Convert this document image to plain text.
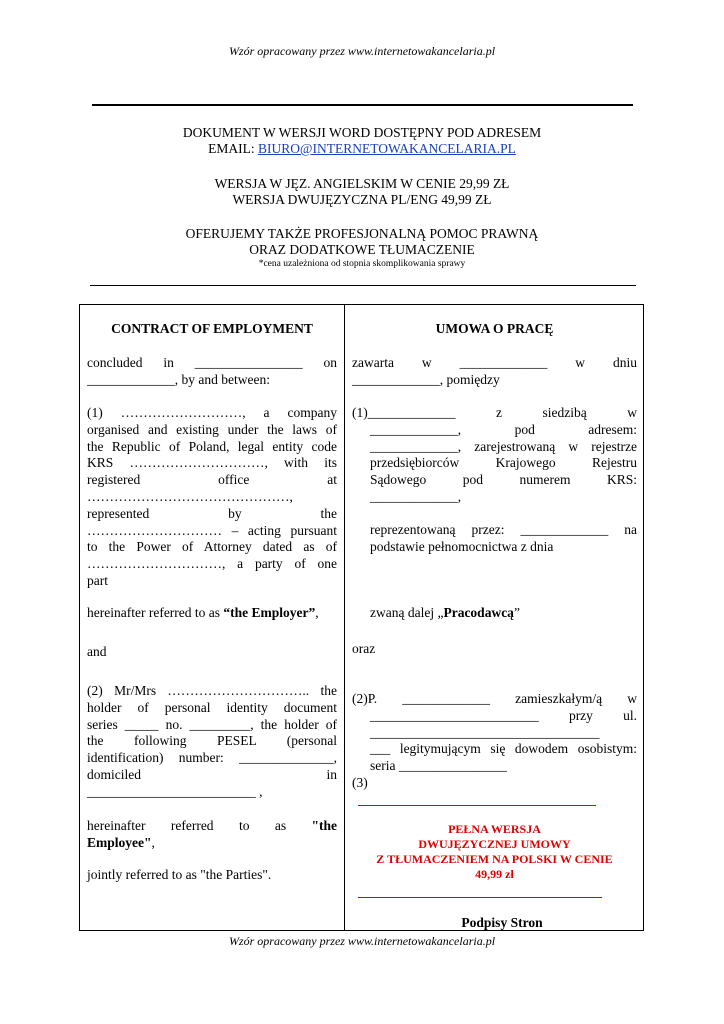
Wzór opracowany przez www.internetowakancelaria.pl
DOKUMENT W WERSJI WORD DOSTĘPNY POD ADRESEM
EMAIL: BIURO@INTERNETOWAKANCELARIA.PL
WERSJA W JĘZ. ANGIELSKIM W CENIE 29,99 ZŁ
WERSJA DWUJĘZYCZNA PL/ENG 49,99 ZŁ
OFERUJEMY TAKŻE PROFESJONALNĄ POMOC PRAWNĄ
ORAZ DODATKOWE TŁUMACZENIE
*cena uzależniona od stopnia skomplikowania sprawy
CONTRACT OF EMPLOYMENT
concluded in ________________ on
_____________, by and between:
(1) ………………………, a company
organised and existing under the laws of
the Republic of Poland, legal entity code
KRS …………………………, with its
registered office at
………………………………………,
represented by the
………………………… – acting pursuant
to the Power of Attorney dated as of
…………………………, a party of one
part
hereinafter referred to as “the Employer”,
and
(2) Mr/Mrs ………………………….. the
holder of personal identity document
series _____ no. _________, the holder of
the following PESEL (personal
identification) number: ______________,
domiciled in
_________________________ ,
hereinafter referred to as "the
Employee",
jointly referred to as "the Parties".
UMOWA O PRACĘ
zawarta w _____________ w dniu
_____________, pomiędzy
(1)_____________ z siedzibą w
_____________, pod adresem:
_____________, zarejestrowaną w rejestrze
przedsiębiorców Krajowego Rejestru
Sądowego pod numerem KRS:
_____________,
reprezentowaną przez: _____________ na
podstawie pełnomocnictwa z dnia
zwaną dalej „Pracodawcą”
oraz
(2)P. _____________ zamieszkałym/ą w
_________________________ przy ul.
__________________________________
___ legitymującym się dowodem osobistym:
seria ________________
(3)
PEŁNA WERSJA
DWUJĘZYCZNEJ UMOWY
Z TŁUMACZENIEM NA POLSKI W CENIE
49,99 zł
Podpisy Stron
Wzór opracowany przez www.internetowakancelaria.pl
